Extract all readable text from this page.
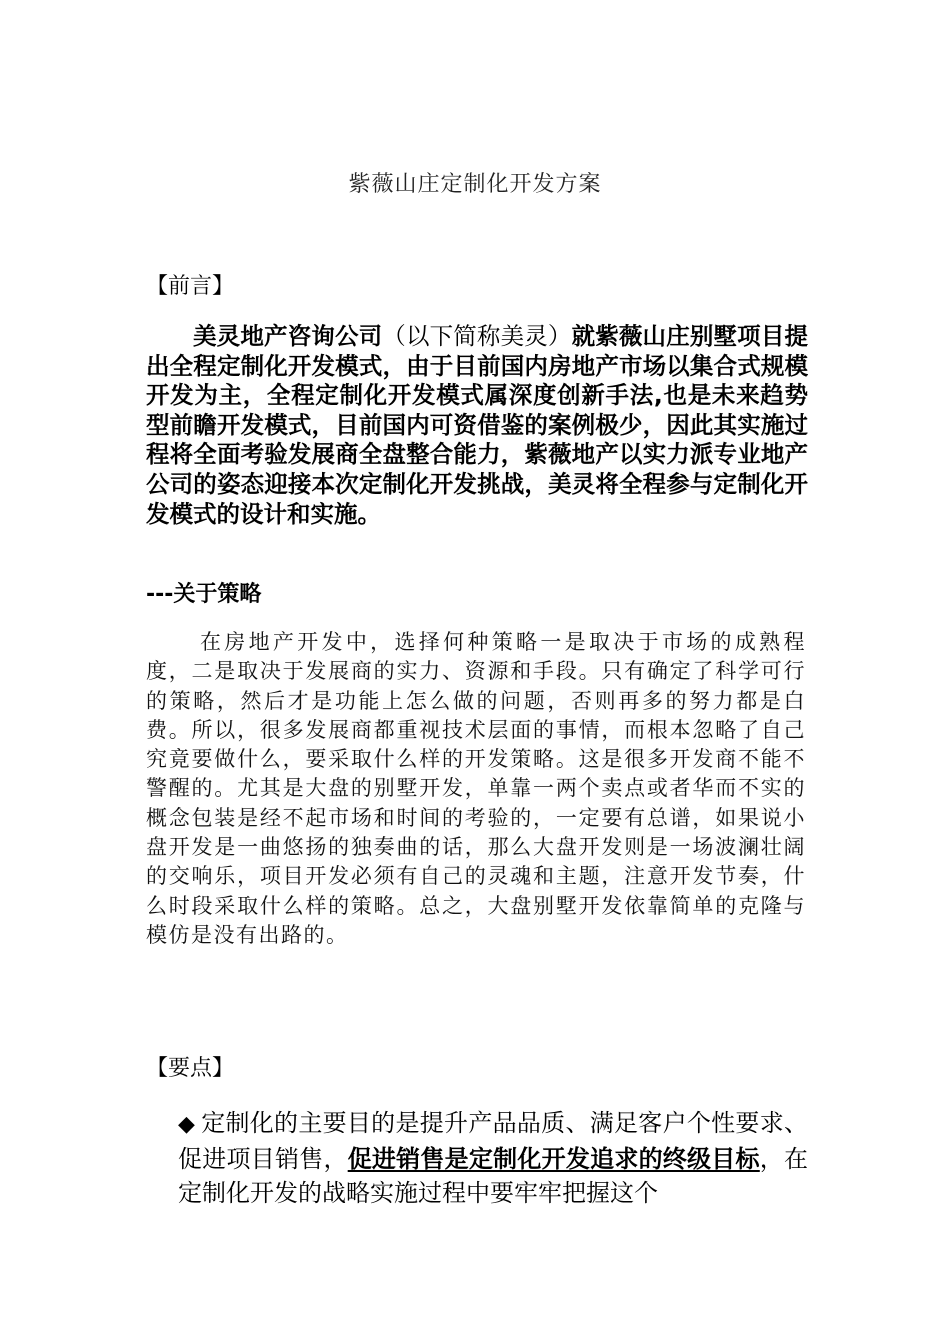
紫薇山庄定制化开发方案
【前言】
美灵地产咨询公司（以下简称美灵）就紫薇山庄别墅项目提出全程定制化开发模式，由于目前国内房地产市场以集合式规模开发为主，全程定制化开发模式属深度创新手法,也是未来趋势型前瞻开发模式，目前国内可资借鉴的案例极少，因此其实施过程将全面考验发展商全盘整合能力，紫薇地产以实力派专业地产公司的姿态迎接本次定制化开发挑战，美灵将全程参与定制化开发模式的设计和实施。
---关于策略
在房地产开发中，选择何种策略一是取决于市场的成熟程度，二是取决于发展商的实力、资源和手段。只有确定了科学可行的策略，然后才是功能上怎么做的问题，否则再多的努力都是白费。所以，很多发展商都重视技术层面的事情，而根本忽略了自己究竟要做什么，要采取什么样的开发策略。这是很多开发商不能不警醒的。尤其是大盘的别墅开发，单靠一两个卖点或者华而不实的概念包装是经不起市场和时间的考验的，一定要有总谱，如果说小盘开发是一曲悠扬的独奏曲的话，那么大盘开发则是一场波澜壮阔的交响乐，项目开发必须有自己的灵魂和主题，注意开发节奏，什么时段采取什么样的策略。总之，大盘别墅开发依靠简单的克隆与模仿是没有出路的。
【要点】
◆ 定制化的主要目的是提升产品品质、满足客户个性要求、促进项目销售，促进销售是定制化开发追求的终级目标，在定制化开发的战略实施过程中要牢牢把握这个
